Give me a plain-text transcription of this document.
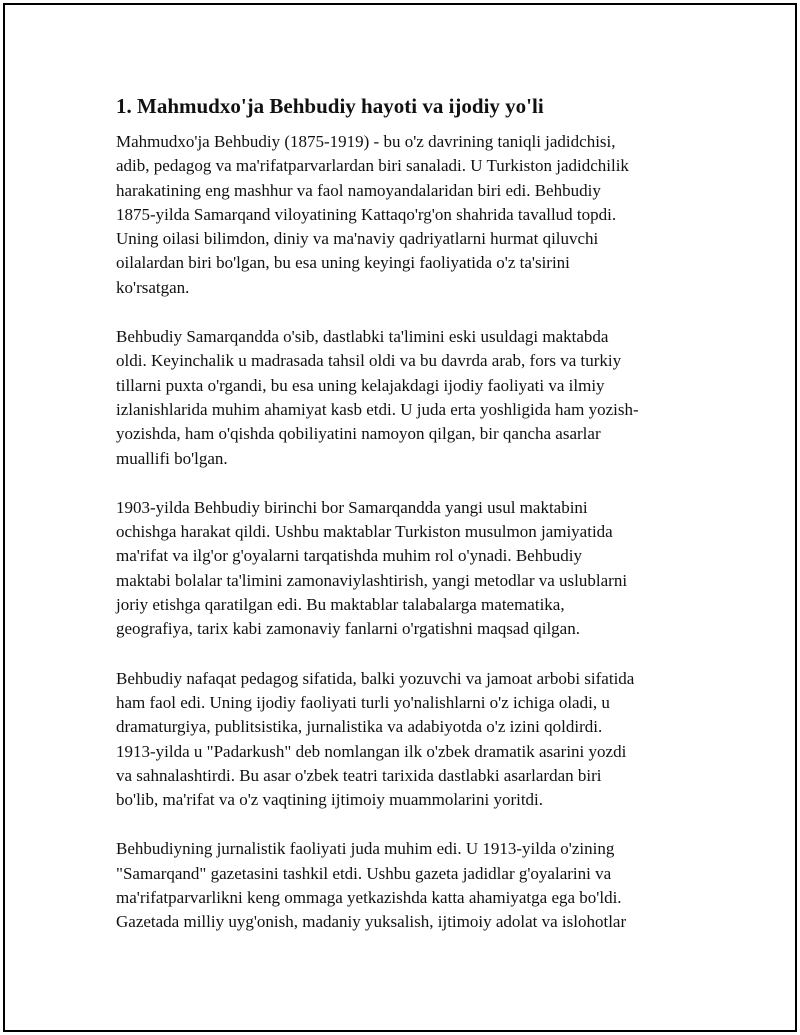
1. Mahmudxo'ja Behbudiy hayoti va ijodiy yo'li

Mahmudxo'ja Behbudiy (1875-1919) - bu o'z davrining taniqli jadidchisi,
adib, pedagog va ma'rifatparvarlardan biri sanaladi. U Turkiston jadidchilik
harakatining eng mashhur va faol namoyandalaridan biri edi. Behbudiy
1875-yilda Samarqand viloyatining Kattaqo'rg'on shahrida tavallud topdi.
Uning oilasi bilimdon, diniy va ma'naviy qadriyatlarni hurmat qiluvchi
oilalardan biri bo'lgan, bu esa uning keyingi faoliyatida o'z ta'sirini
ko'rsatgan.

Behbudiy Samarqandda o'sib, dastlabki ta'limini eski usuldagi maktabda
oldi. Keyinchalik u madrasada tahsil oldi va bu davrda arab, fors va turkiy
tillarni puxta o'rgandi, bu esa uning kelajakdagi ijodiy faoliyati va ilmiy
izlanishlarida muhim ahamiyat kasb etdi. U juda erta yoshligida ham yozish-
yozishda, ham o'qishda qobiliyatini namoyon qilgan, bir qancha asarlar
muallifi bo'lgan.

1903-yilda Behbudiy birinchi bor Samarqandda yangi usul maktabini
ochishga harakat qildi. Ushbu maktablar Turkiston musulmon jamiyatida
ma'rifat va ilg'or g'oyalarni tarqatishda muhim rol o'ynadi. Behbudiy
maktabi bolalar ta'limini zamonaviylashtirish, yangi metodlar va uslublarni
joriy etishga qaratilgan edi. Bu maktablar talabalarga matematika,
geografiya, tarix kabi zamonaviy fanlarni o'rgatishni maqsad qilgan.

Behbudiy nafaqat pedagog sifatida, balki yozuvchi va jamoat arbobi sifatida
ham faol edi. Uning ijodiy faoliyati turli yo'nalishlarni o'z ichiga oladi, u
dramaturgiya, publitsistika, jurnalistika va adabiyotda o'z izini qoldirdi.
1913-yilda u "Padarkush" deb nomlangan ilk o'zbek dramatik asarini yozdi
va sahnalashtirdi. Bu asar o'zbek teatri tarixida dastlabki asarlardan biri
bo'lib, ma'rifat va o'z vaqtining ijtimoiy muammolarini yoritdi.

Behbudiyning jurnalistik faoliyati juda muhim edi. U 1913-yilda o'zining
"Samarqand" gazetasini tashkil etdi. Ushbu gazeta jadidlar g'oyalarini va
ma'rifatparvarlikni keng ommaga yetkazishda katta ahamiyatga ega bo'ldi.
Gazetada milliy uyg'onish, madaniy yuksalish, ijtimoiy adolat va islohotlar
